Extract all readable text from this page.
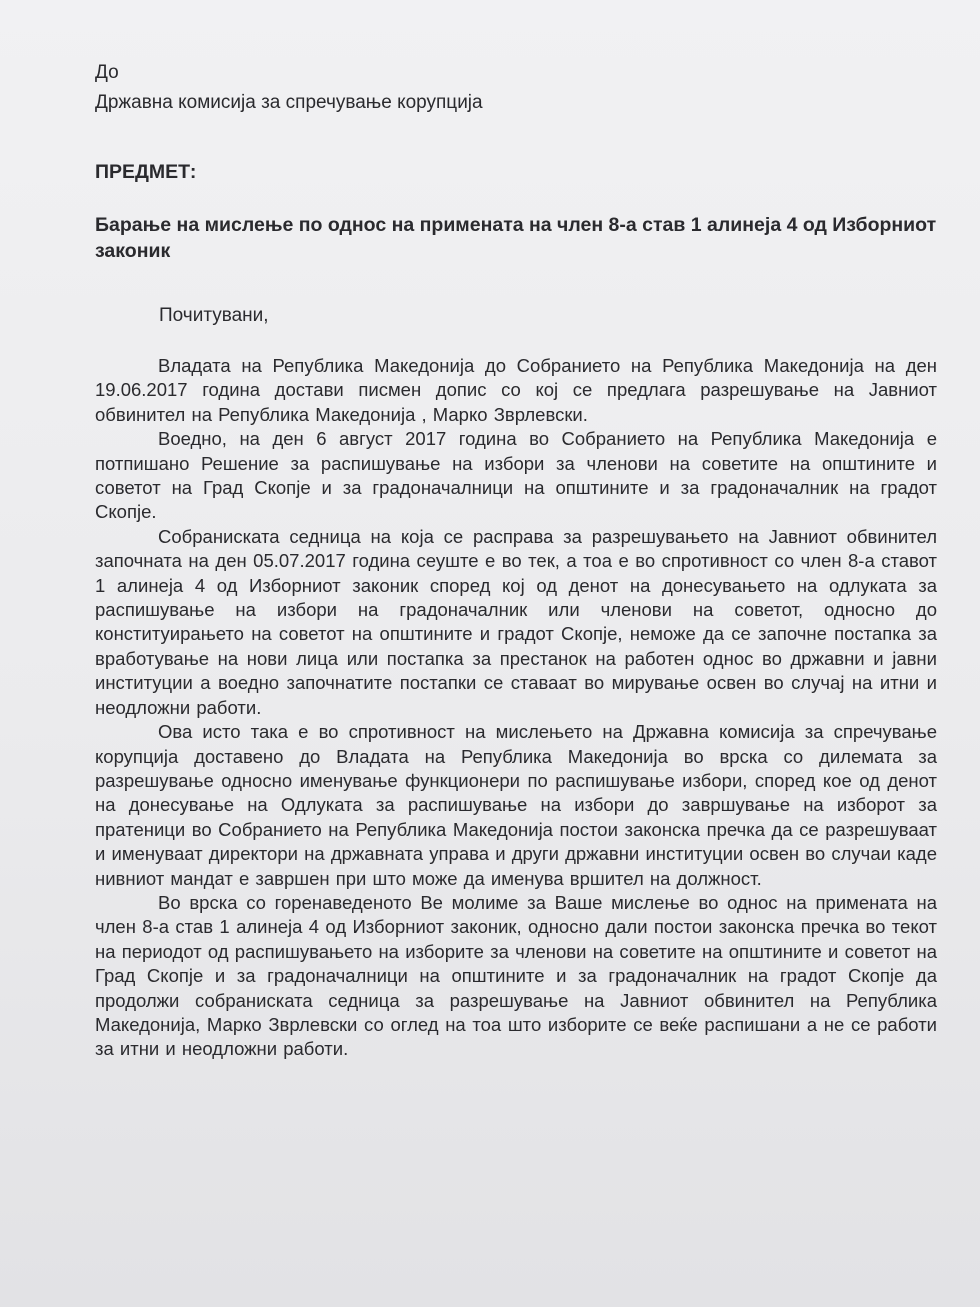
До

Државна комисија за спречување корупција

ПРЕДМЕТ:

Барање на мислење по однос на примената на член 8-а став 1 алинеја 4 од Изборниот законик

Почитувани,

Владата на Република Македонија до Собранието на Република Македонија на ден 19.06.2017 година достави писмен допис со кој се предлага разрешување на Јавниот обвинител на Република Македонија , Марко Зврлевски.

Воедно, на ден 6 август 2017 година во Собранието на Република Македонија е потпишано Решение за распишување на избори за членови на советите на општините и советот на Град Скопје и за градоначалници на општините и за градоначалник на градот Скопје.

Собраниската седница на која се расправа за разрешувањето на Јавниот обвинител започната на ден 05.07.2017 година сеуште е во тек, а тоа е во спротивност со член 8-а ставот 1 алинеја 4 од Изборниот законик според кој од денот на донесувањето на одлуката за распишување на избори на градоначалник или членови на советот, односно до конституирањето на советот на општините и градот Скопје, неможе да се започне постапка за вработување на нови лица или постапка за престанок на работен однос во државни и јавни институции а воедно започнатите постапки се ставаат во мирување освен во случај на итни и неодложни работи.

Ова исто така е во спротивност на мислењето на Државна комисија за спречување корупција доставено до Владата на Република Македонија во врска со дилемата за разрешување односно именување функционери по распишување избори, според кое од денот на донесување на Одлуката за распишување на избори до завршување на изборот за пратеници во Собранието на Република Македонија постои законска пречка да се разрешуваат и именуваат директори на државната управа и други државни институции освен во случаи каде нивниот мандат е завршен при што може да именува вршител на должност.

Во врска со горенаведеното Ве молиме за Ваше мислење во однос на примената на член 8-а став 1 алинеја 4 од Изборниот законик, односно дали постои законска пречка во текот на периодот од распишувањето на изборите за членови на советите на општините и советот на Град Скопје и за градоначалници на општините и за градоначалник на градот Скопје да продолжи собраниската седница за разрешување на Јавниот обвинител на Република Македонија, Марко Зврлевски со оглед на тоа што изборите се веќе распишани а не се работи за итни и неодложни работи.
